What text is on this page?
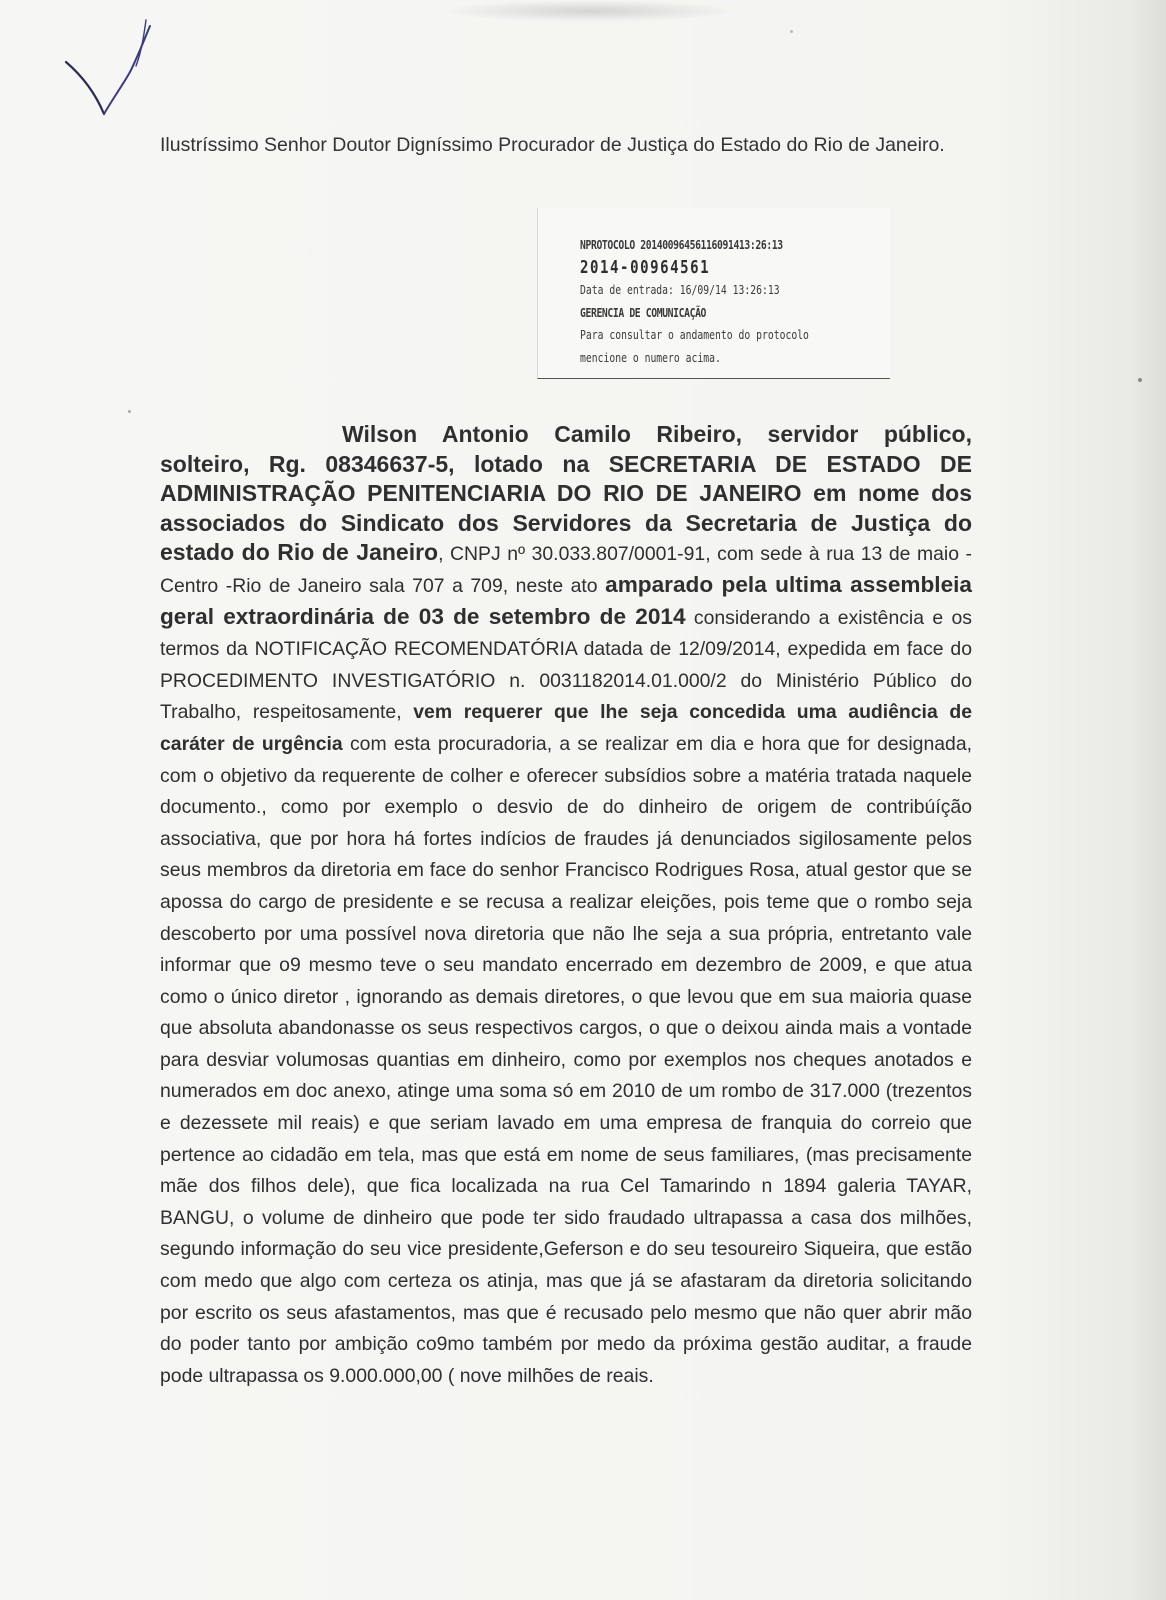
Ilustríssimo Senhor Doutor Digníssimo Procurador de Justiça do Estado do Rio de Janeiro.
NPROTOCOLO 20140096456116091413:26:13
2014-00964561
Data de entrada: 16/09/14 13:26:13
GERENCIA DE COMUNICAÇÃO
Para consultar o andamento do protocolo
mencione o numero acima.

Wilson Antonio Camilo Ribeiro, servidor público, solteiro, Rg. 08346637-5, lotado na SECRETARIA DE ESTADO DE ADMINISTRAÇÃO PENITENCIARIA DO RIO DE JANEIRO em nome dos associados do Sindicato dos Servidores da Secretaria de Justiça do estado do Rio de Janeiro, CNPJ nº 30.033.807/0001-91, com sede à rua 13 de maio - Centro -Rio de Janeiro sala 707 a 709, neste ato amparado pela ultima assembleia geral extraordinária de 03 de setembro de 2014 considerando a existência e os termos da NOTIFICAÇÃO RECOMENDATÓRIA datada de 12/09/2014, expedida em face do PROCEDIMENTO INVESTIGATÓRIO n. 0031182014.01.000/2 do Ministério Público do Trabalho, respeitosamente, vem requerer que lhe seja concedida uma audiência de caráter de urgência com esta procuradoria, a se realizar em dia e hora que for designada, com o objetivo da requerente de colher e oferecer subsídios sobre a matéria tratada naquele documento., como por exemplo o desvio de do dinheiro de origem de contribúíção associativa, que por hora há fortes indícios de fraudes já denunciados sigilosamente pelos seus membros da diretoria em face do senhor Francisco Rodrigues Rosa, atual gestor que se apossa do cargo de presidente e se recusa a realizar eleições, pois teme que o rombo seja descoberto por uma possível nova diretoria que não lhe seja a sua própria, entretanto vale informar que o9 mesmo teve o seu mandato encerrado em dezembro de 2009, e que atua como o único diretor , ignorando as demais diretores, o que levou que em sua maioria quase que absoluta abandonasse os seus respectivos cargos, o que o deixou ainda mais a vontade para desviar volumosas quantias em dinheiro, como por exemplos nos cheques anotados e numerados em doc anexo, atinge uma soma só em 2010 de um rombo de 317.000 (trezentos e dezessete mil reais) e que seriam lavado em uma empresa de franquia do correio que pertence ao cidadão em tela, mas que está em nome de seus familiares, (mas precisamente mãe dos filhos dele), que fica localizada na rua Cel Tamarindo n 1894 galeria TAYAR, BANGU, o volume de dinheiro que pode ter sido fraudado ultrapassa a casa dos milhões, segundo informação do seu vice presidente,Geferson e do seu tesoureiro Siqueira, que estão com medo que algo com certeza os atinja, mas que já se afastaram da diretoria solicitando por escrito os seus afastamentos, mas que é recusado pelo mesmo que não quer abrir mão do poder tanto por ambição co9mo também por medo da próxima gestão auditar, a fraude pode ultrapassa os 9.000.000,00 ( nove milhões de reais.
